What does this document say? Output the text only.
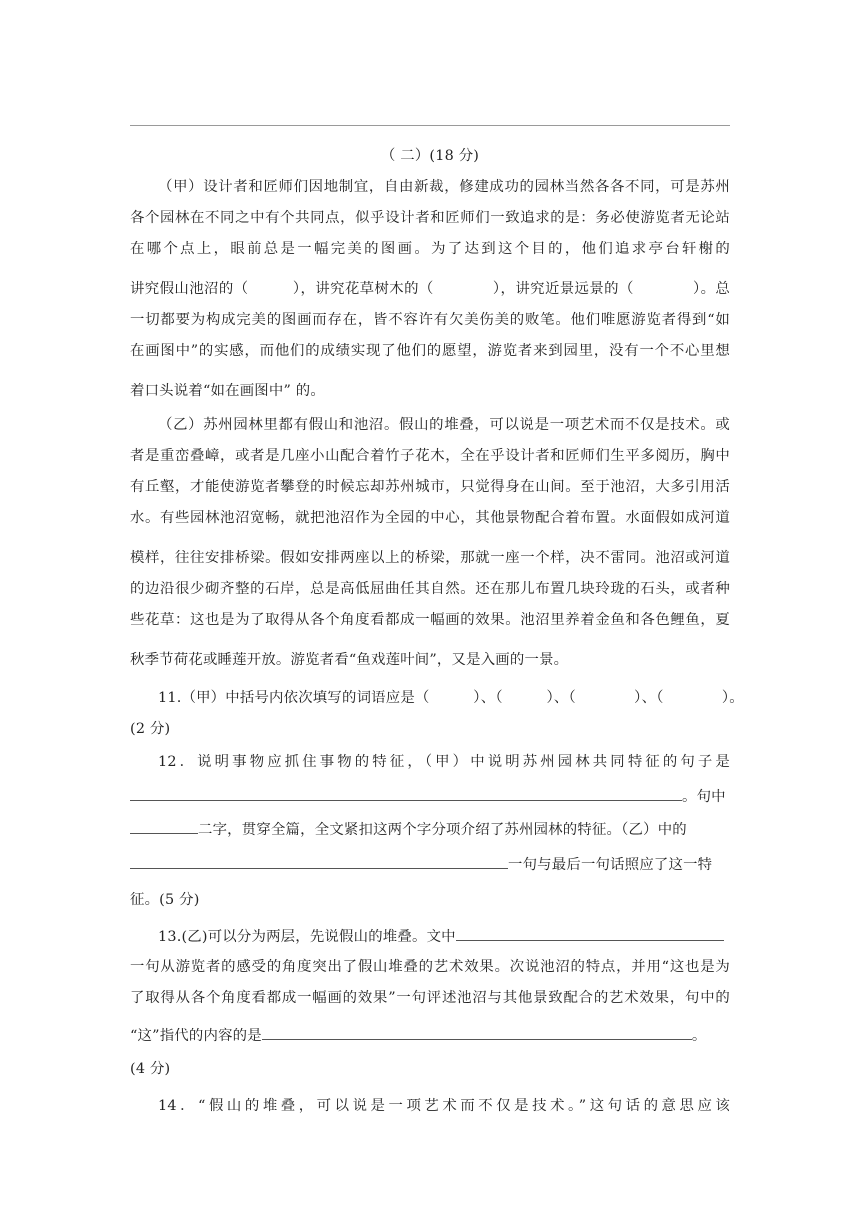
（ 二）(18 分)
（甲）设计者和匠师们因地制宜，自由新裁，修建成功的园林当然各各不同，可是苏州
各个园林在不同之中有个共同点，似乎设计者和匠师们一致追求的是：务必使游览者无论站
在哪个点上，眼前总是一幅完美的图画。为了达到这个目的，他们追求亭台轩榭的　　　
讲究假山池沼的（　　　），讲究花草树木的（　　　　），讲究近景远景的（　　　　）。总
一切都要为构成完美的图画而存在，皆不容许有欠美伤美的败笔。他们唯愿游览者得到“如
在画图中”的实感，而他们的成绩实现了他们的愿望，游览者来到园里，没有一个不心里想
着口头说着“如在画图中” 的。
（乙）苏州园林里都有假山和池沼。假山的堆叠，可以说是一项艺术而不仅是技术。或
者是重峦叠嶂，或者是几座小山配合着竹子花木，全在乎设计者和匠师们生平多阅历，胸中
有丘壑，才能使游览者攀登的时候忘却苏州城市，只觉得身在山间。至于池沼，大多引用活
水。有些园林池沼宽畅，就把池沼作为全园的中心，其他景物配合着布置。水面假如成河道
模样，往往安排桥梁。假如安排两座以上的桥梁，那就一座一个样，决不雷同。池沼或河道
的边沿很少砌齐整的石岸，总是高低屈曲任其自然。还在那儿布置几块玲珑的石头，或者种
些花草：这也是为了取得从各个角度看都成一幅画的效果。池沼里养着金鱼和各色鲤鱼，夏
秋季节荷花或睡莲开放。游览者看“鱼戏莲叶间”，又是入画的一景。
11.（甲）中括号内依次填写的词语应是（　　　）、（　　　）、（　　　　）、（　　　　）。
(2 分)
12．说明事物应抓住事物的特征，（甲）中说明苏州园林共同特征的句子是
。句中
二字，贯穿全篇，全文紧扣这两个字分项介绍了苏州园林的特征。（乙）中的
一句与最后一句话照应了这一特
征。(5 分)
13.(乙)可以分为两层，先说假山的堆叠。文中
一句从游览者的感受的角度突出了假山堆叠的艺术效果。次说池沼的特点，并用“这也是为
了取得从各个角度看都成一幅画的效果”一句评述池沼与其他景致配合的艺术效果，句中的
“这”指代的内容的是	。
(4 分)
14．“假山的堆叠，可以说是一项艺术而不仅是技术。”这句话的意思应该
